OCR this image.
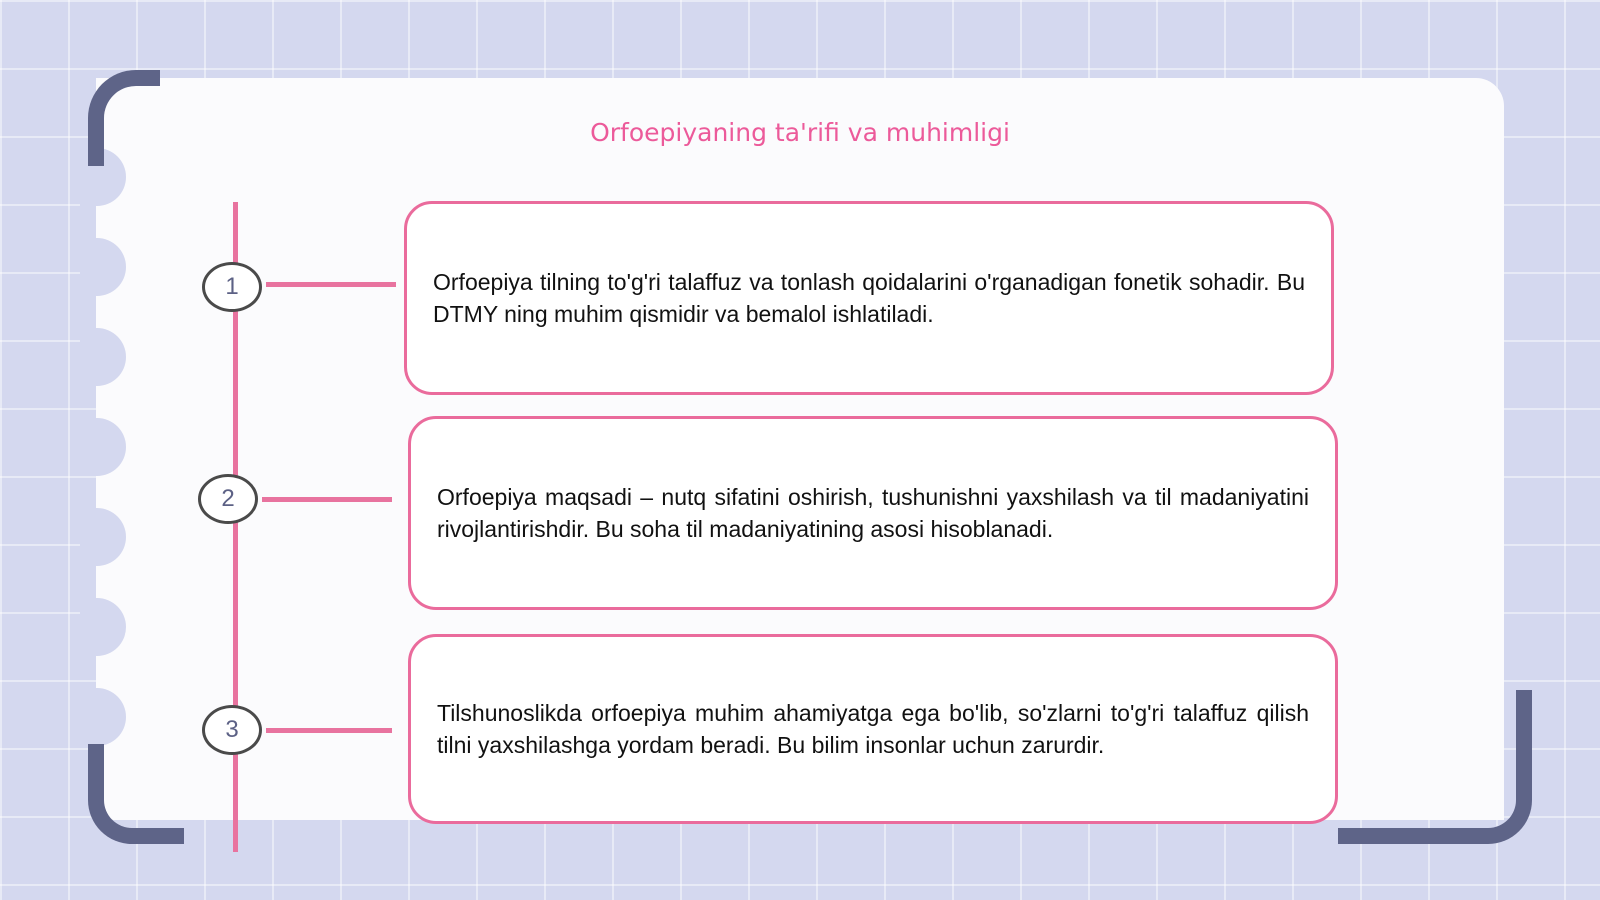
Orfoepiyaning ta'rifi va muhimligi
1	Orfoepiya tilning to'g'ri talaffuz va tonlash qoidalarini o'rganadigan fonetik sohadir. Bu DTMY ning muhim qismidir va bemalol ishlatiladi.
2	Orfoepiya maqsadi – nutq sifatini oshirish, tushunishni yaxshilash va til madaniyatini rivojlantirishdir. Bu soha til madaniyatining asosi hisoblanadi.
3
Tilshunoslikda orfoepiya muhim ahamiyatga ega bo'lib, so'zlarni to'g'ri talaffuz qilish tilni yaxshilashga yordam beradi. Bu bilim insonlar uchun zarurdir.
